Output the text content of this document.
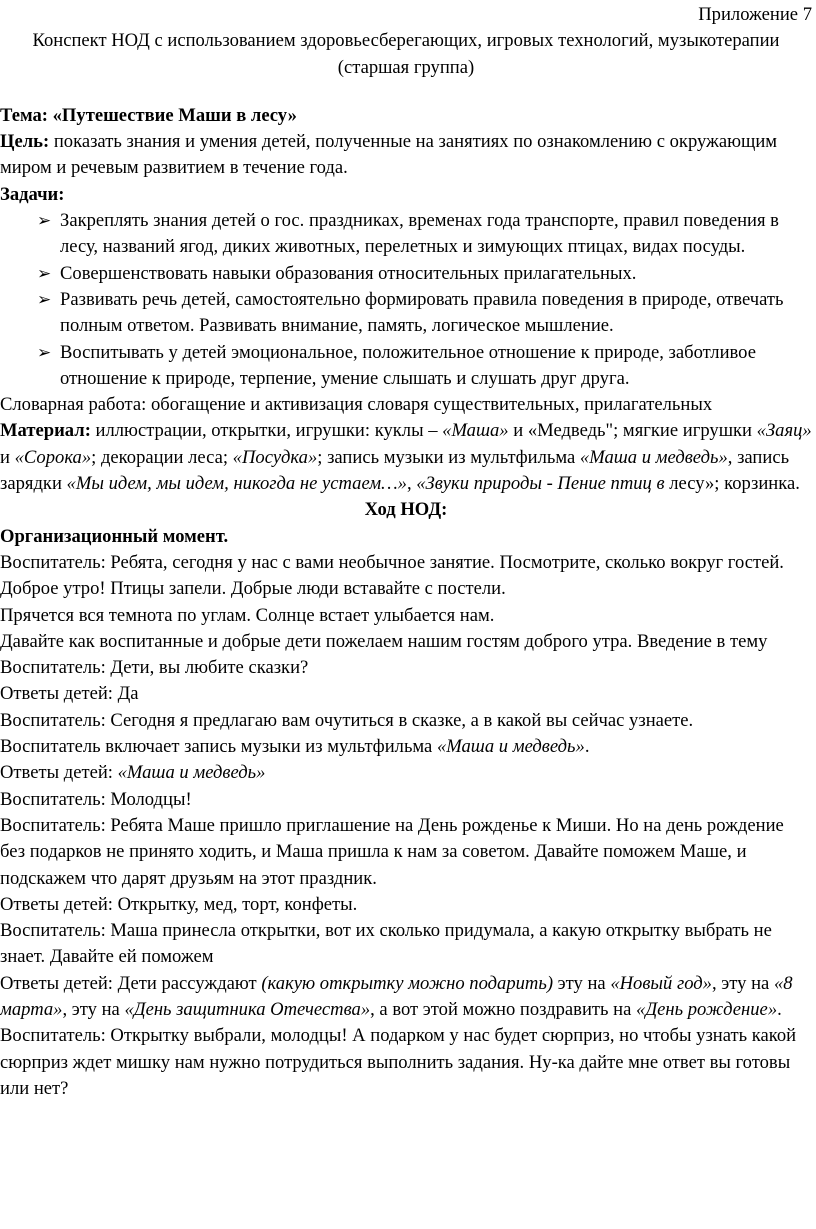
Приложение 7
Конспект НОД с использованием здоровьесберегающих, игровых технологий, музыкотерапии
(старшая группа)
Тема: «Путешествие Маши в лесу»
Цель: показать знания и умения детей, полученные на занятиях по ознакомлению с окружающим миром и речевым развитием в течение года.
Задачи:
➢ Закреплять знания детей о гос. праздниках, временах года транспорте, правил поведения в лесу, названий ягод, диких животных, перелетных и зимующих птицах, видах посуды.
➢ Совершенствовать навыки образования относительных прилагательных.
➢ Развивать речь детей, самостоятельно формировать правила поведения в природе, отвечать полным ответом. Развивать внимание, память, логическое мышление.
➢ Воспитывать у детей эмоциональное, положительное отношение к природе, заботливое отношение к природе, терпение, умение слышать и слушать друг друга.
Словарная работа: обогащение и активизация словаря существительных, прилагательных
Материал: иллюстрации, открытки, игрушки: куклы – «Маша» и «Медведь"; мягкие игрушки «Заяц» и «Сорока»; декорации леса; «Посудка»; запись музыки из мультфильма «Маша и медведь», запись зарядки «Мы идем, мы идем, никогда не устаем…», «Звуки природы - Пение птиц в лесу»; корзинка.
Ход НОД:
Организационный момент.
Воспитатель: Ребята, сегодня у нас с вами необычное занятие. Посмотрите, сколько вокруг гостей.
Доброе утро! Птицы запели. Добрые люди вставайте с постели.
Прячется вся темнота по углам. Солнце встает улыбается нам.
Давайте как воспитанные и добрые дети пожелаем нашим гостям доброго утра. Введение в тему
Воспитатель: Дети, вы любите сказки?
Ответы детей: Да
Воспитатель: Сегодня я предлагаю вам очутиться в сказке, а в какой вы сейчас узнаете.
Воспитатель включает запись музыки из мультфильма «Маша и медведь».
Ответы детей: «Маша и медведь»
Воспитатель: Молодцы!
Воспитатель: Ребята Маше пришло приглашение на День рожденье к Миши. Но на день рождение без подарков не принято ходить, и Маша пришла к нам за советом. Давайте поможем Маше, и подскажем что дарят друзьям на этот праздник.
Ответы детей: Открытку, мед, торт, конфеты.
Воспитатель: Маша принесла открытки, вот их сколько придумала, а какую открытку выбрать не знает. Давайте ей поможем
Ответы детей: Дети рассуждают (какую открытку можно подарить) эту на «Новый год», эту на «8 марта», эту на «День защитника Отечества», а вот этой можно поздравить на «День рождение».
Воспитатель: Открытку выбрали, молодцы! А подарком у нас будет сюрприз, но чтобы узнать какой сюрприз ждет мишку нам нужно потрудиться выполнить задания. Ну-ка дайте мне ответ вы готовы или нет?
